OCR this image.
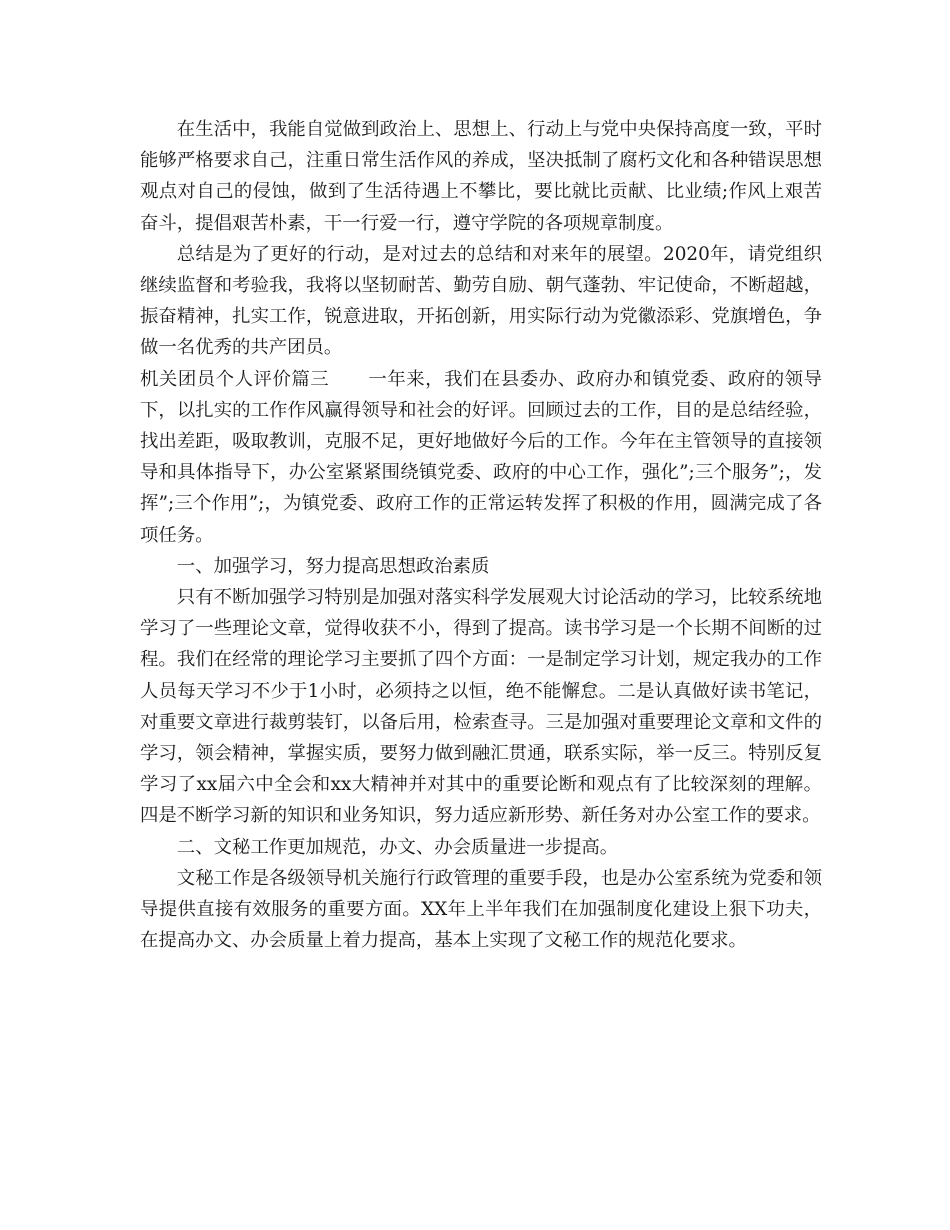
在生活中，我能自觉做到政治上、思想上、行动上与党中央保持高度一致，平时能够严格要求自己，注重日常生活作风的养成，坚决抵制了腐朽文化和各种错误思想观点对自己的侵蚀，做到了生活待遇上不攀比，要比就比贡献、比业绩;作风上艰苦奋斗，提倡艰苦朴素，干一行爱一行，遵守学院的各项规章制度。

总结是为了更好的行动，是对过去的总结和对来年的展望。2020年，请党组织继续监督和考验我，我将以坚韧耐苦、勤劳自励、朝气蓬勃、牢记使命，不断超越，振奋精神，扎实工作，锐意进取，开拓创新，用实际行动为党徽添彩、党旗增色，争做一名优秀的共产团员。

机关团员个人评价篇三 一年来，我们在县委办、政府办和镇党委、政府的领导下，以扎实的工作作风赢得领导和社会的好评。回顾过去的工作，目的是总结经验，找出差距，吸取教训，克服不足，更好地做好今后的工作。今年在主管领导的直接领导和具体指导下，办公室紧紧围绕镇党委、政府的中心工作，强化”;三个服务”;，发挥”;三个作用”;，为镇党委、政府工作的正常运转发挥了积极的作用，圆满完成了各项任务。

一、加强学习，努力提高思想政治素质

只有不断加强学习特别是加强对落实科学发展观大讨论活动的学习，比较系统地学习了一些理论文章，觉得收获不小，得到了提高。读书学习是一个长期不间断的过程。我们在经常的理论学习主要抓了四个方面：一是制定学习计划，规定我办的工作人员每天学习不少于1小时，必须持之以恒，绝不能懈怠。二是认真做好读书笔记，对重要文章进行裁剪装钉，以备后用，检索查寻。三是加强对重要理论文章和文件的学习，领会精神，掌握实质，要努力做到融汇贯通，联系实际，举一反三。特别反复学习了xx届六中全会和xx大精神并对其中的重要论断和观点有了比较深刻的理解。四是不断学习新的知识和业务知识，努力适应新形势、新任务对办公室工作的要求。

二、文秘工作更加规范，办文、办会质量进一步提高。

文秘工作是各级领导机关施行行政管理的重要手段，也是办公室系统为党委和领导提供直接有效服务的重要方面。XX年上半年我们在加强制度化建设上狠下功夫，在提高办文、办会质量上着力提高，基本上实现了文秘工作的规范化要求。
